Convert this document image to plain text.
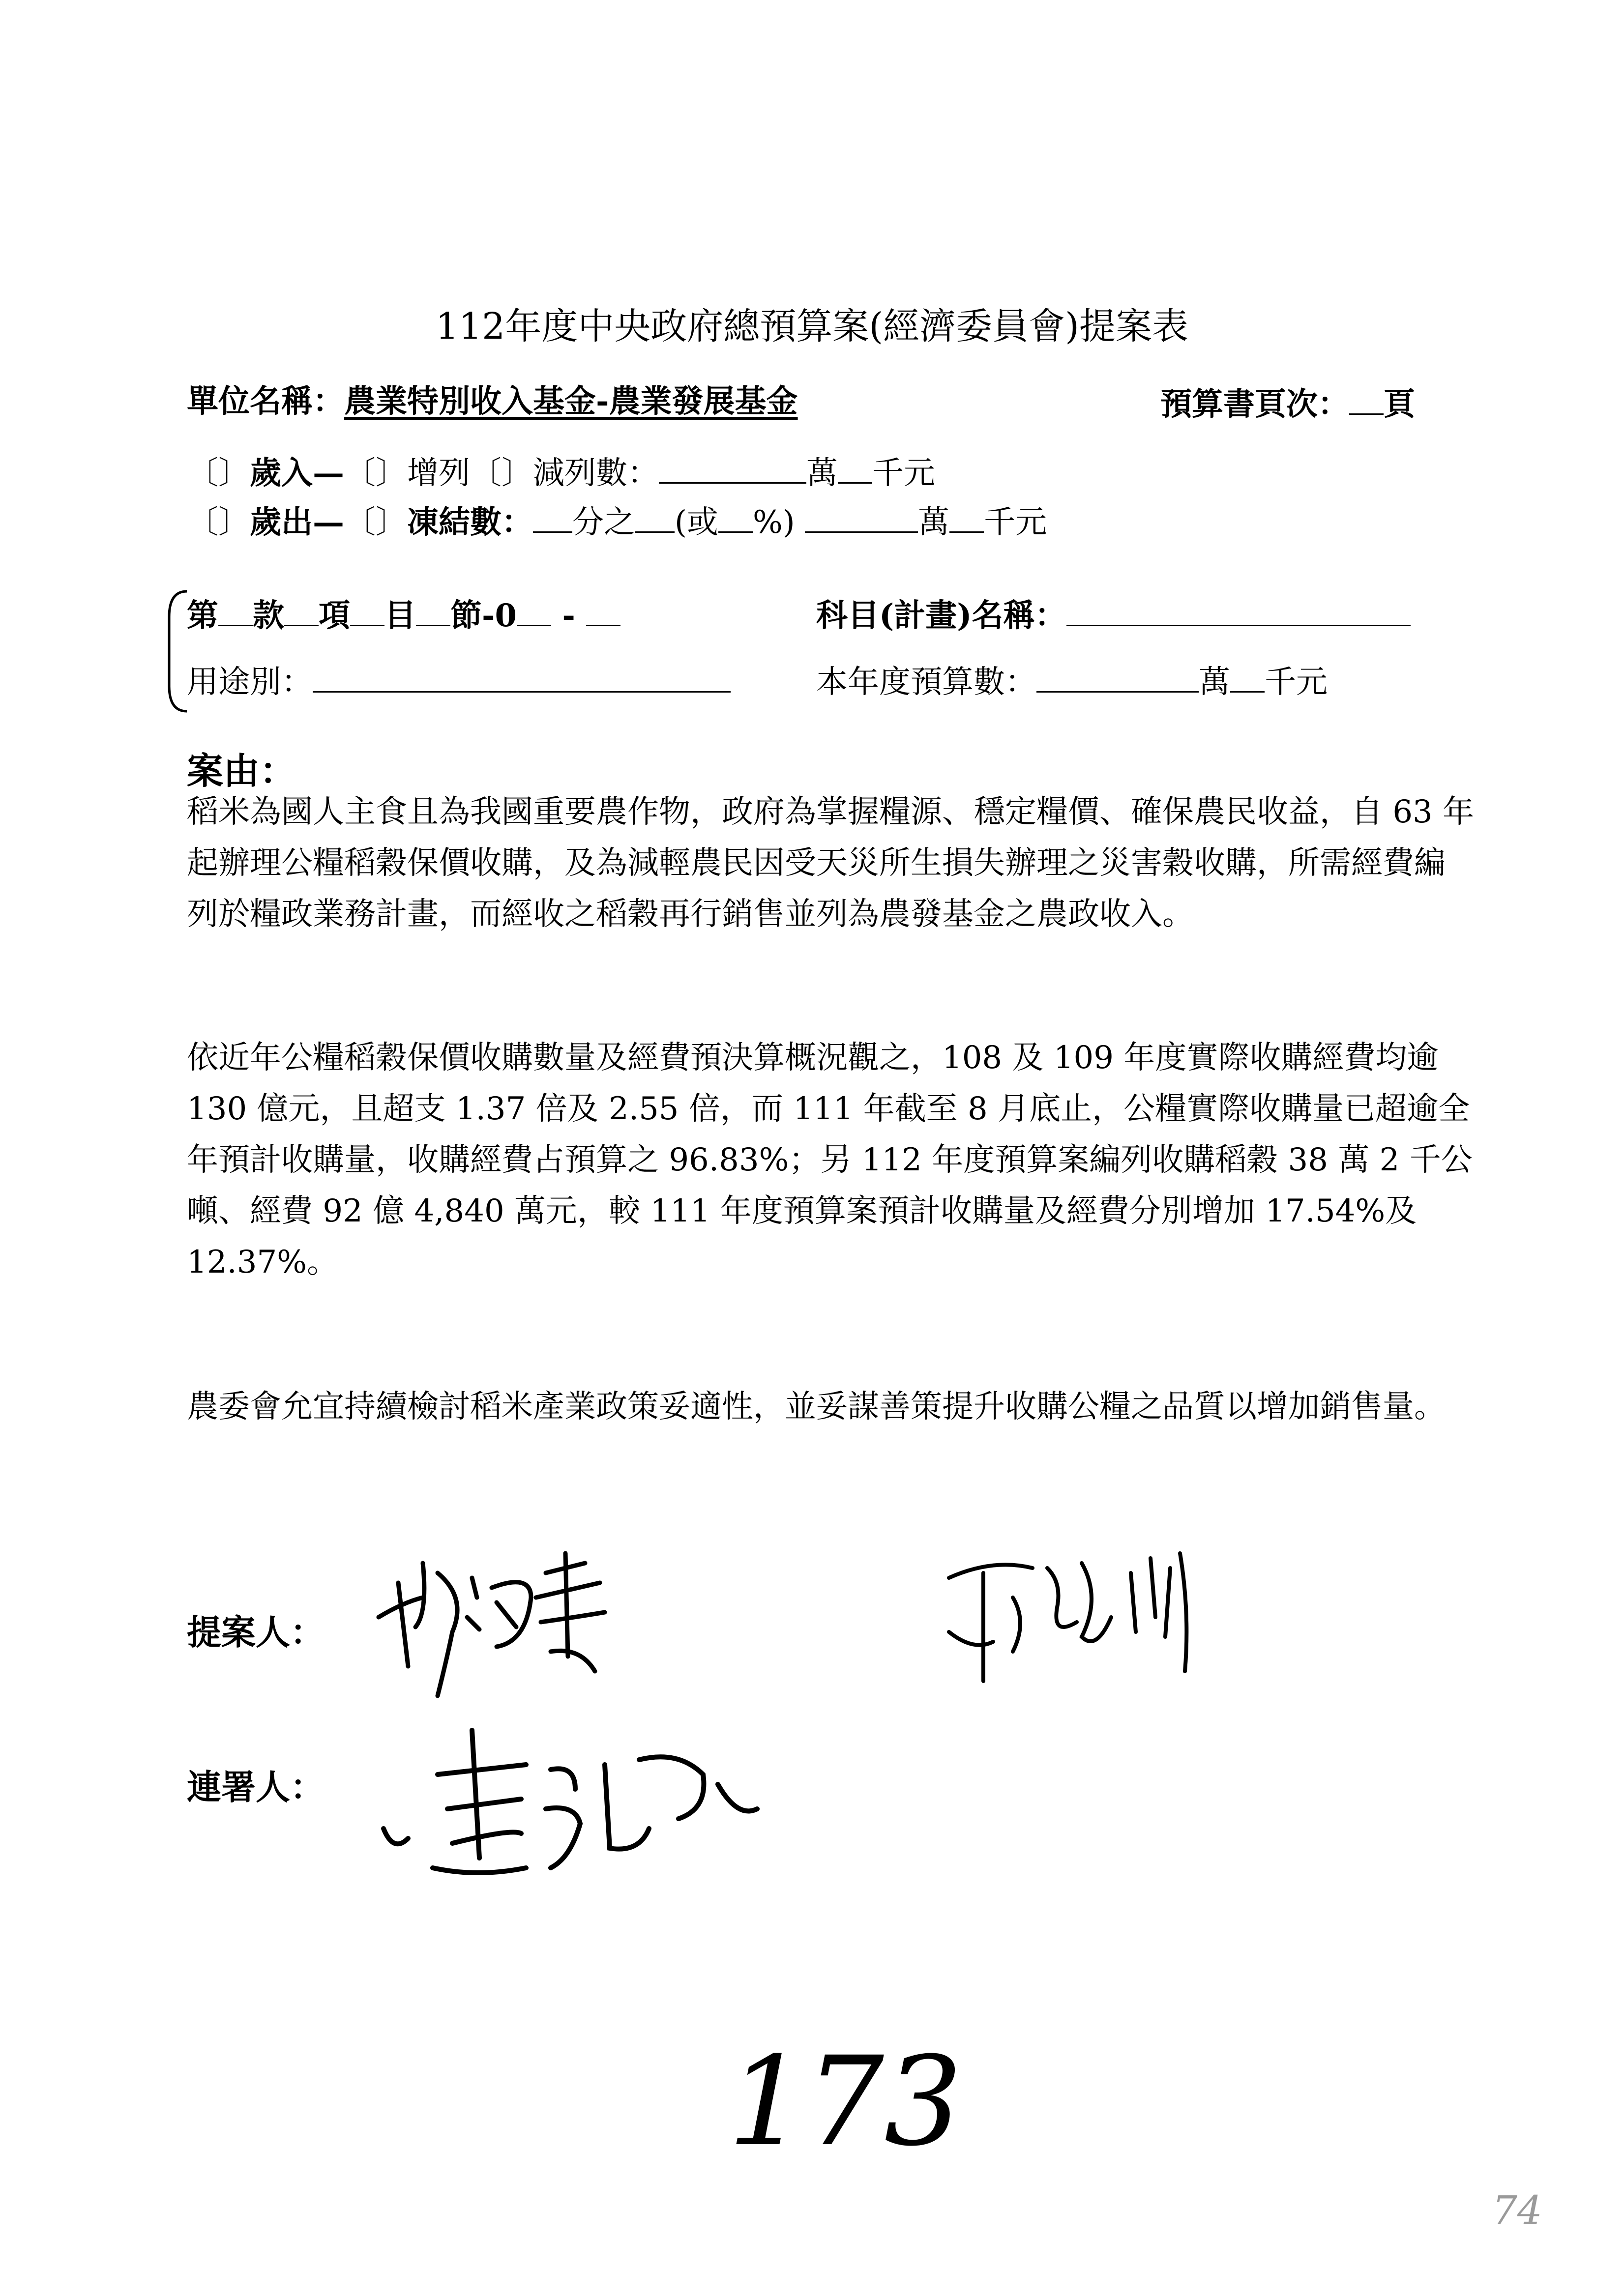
112年度中央政府總預算案(經濟委員會)提案表
單位名稱：農業特別收入基金-農業發展基金	預算書頁次： 頁
〔〕歲入—〔〕增列〔〕減列數：	萬 千元
〔〕歲出—〔〕凍結數： 分之 (或 %)	萬 千元
第 款 項 目 節-0 -	科目(計畫)名稱：
用途別：	本年度預算數：	萬 千元
案由：
稻米為國人主食且為我國重要農作物，政府為掌握糧源、穩定糧價、確保農民收益，自 63 年起辦理公糧稻穀保價收購，及為減輕農民因受天災所生損失辦理之災害穀收購，所需經費編列於糧政業務計畫，而經收之稻穀再行銷售並列為農發基金之農政收入。
依近年公糧稻穀保價收購數量及經費預決算概況觀之，108 及 109 年度實際收購經費均逾 130 億元，且超支 1.37 倍及 2.55 倍，而 111 年截至 8 月底止，公糧實際收購量已超逾全年預計收購量，收購經費占預算之 96.83%；另 112 年度預算案編列收購稻穀 38 萬 2 千公噸、經費 92 億 4,840 萬元，較 111 年度預算案預計收購量及經費分別增加 17.54%及 12.37%。
農委會允宜持續檢討稻米產業政策妥適性，並妥謀善策提升收購公糧之品質以增加銷售量。
提案人：
連署人：
173
74
